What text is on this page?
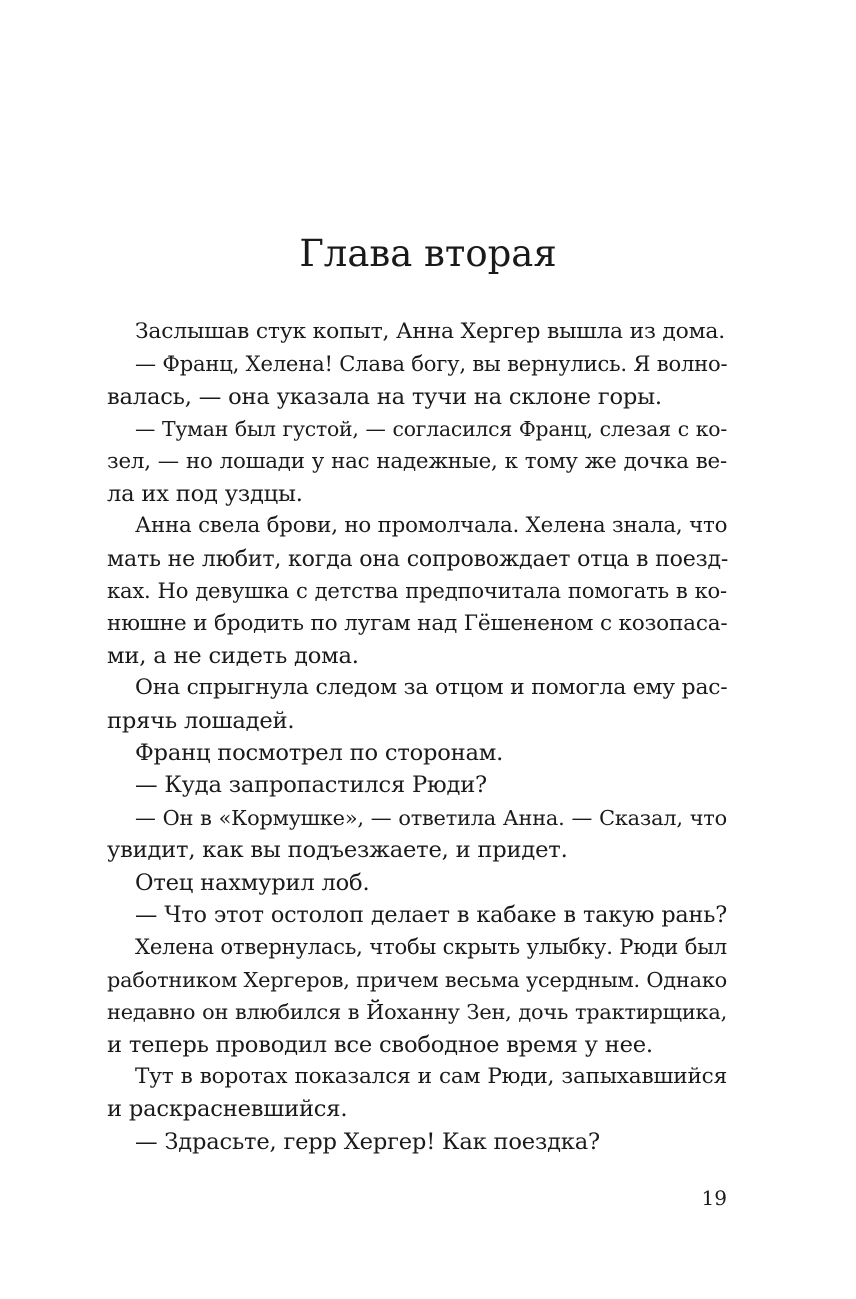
Глава вторая
Заслышав стук копыт, Анна Хергер вышла из дома.
— Франц, Хелена! Слава богу, вы вернулись. Я волно-
валась, — она указала на тучи на склоне горы.
— Туман был густой, — согласился Франц, слезая с ко-
зел, — но лошади у нас надежные, к тому же дочка ве-
ла их под уздцы.
Анна свела брови, но промолчала. Хелена знала, что
мать не любит, когда она сопровождает отца в поезд-
ках. Но девушка с детства предпочитала помогать в ко-
нюшне и бродить по лугам над Гёшененом с козопаса-
ми, а не сидеть дома.
Она спрыгнула следом за отцом и помогла ему рас-
прячь лошадей.
Франц посмотрел по сторонам.
— Куда запропастился Рюди?
— Он в «Кормушке», — ответила Анна. — Сказал, что
увидит, как вы подъезжаете, и придет.
Отец нахмурил лоб.
— Что этот остолоп делает в кабаке в такую рань?
Хелена отвернулась, чтобы скрыть улыбку. Рюди был
работником Хергеров, причем весьма усердным. Однако
недавно он влюбился в Йоханну Зен, дочь трактирщика,
и теперь проводил все свободное время у нее.
Тут в воротах показался и сам Рюди, запыхавшийся
и раскрасневшийся.
— Здрасьте, герр Хергер! Как поездка?
19
